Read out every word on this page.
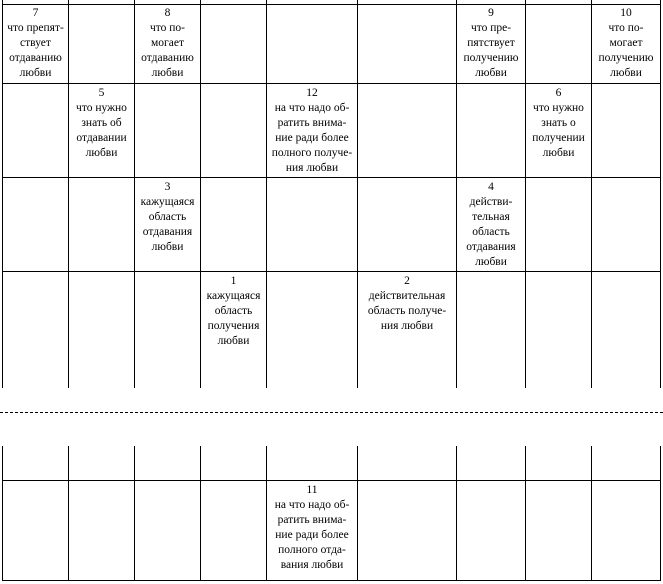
7
что препят-
ствует
отдаванию
любви
8
что по-
могает
отдаванию
любви
9
что пре-
пятствует
получению
любви
10
что по-
могает
получению
любви
5
что нужно
знать об
отдавании
любви
12
на что надо об-
ратить внима-
ние ради более
полного получе-
ния любви
6
что нужно
знать о
получении
любви
3
кажущаяся
область
отдавания
любви
4
действи-
тельная
область
отдавания
любви
1
кажущаяся
область
получения
любви
2
действительная
область получе-
ния любви
11
на что надо об-
ратить внима-
ние ради более
полного отда-
вания любви
